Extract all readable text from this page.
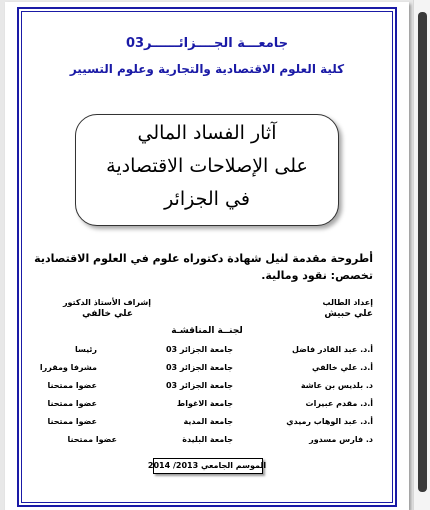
جامعـــة الجــــزائــــــر03
كلية العلوم الاقتصادية والتجارية وعلوم التسيير
آثار الفساد المالي
على الإصلاحات الاقتصادية
في الجزائر
أطروحة مقدمة لنيل شهادة دكتوراه علوم في العلوم الاقتصادية
تخصص: نقود ومالية.
إعداد الطالب
علي حبيش
إشراف الأستاذ الدكتور
علي خالفي
لجنــة المناقشـة
أ.د. عبد القادر فاضل
جامعة الجزائر 03
رئيسا
أ.د. علي خالفي
جامعة الجزائر 03
مشرفا ومقررا
د. بلديس بن عاشة
جامعة الجزائر 03
عضوا ممتحنا
أ.د. مقدم عبيرات
جامعة الاغواط
عضوا ممتحنا
أ.د. عبد الوهاب رميدي
جامعة المدية
عضوا ممتحنا
د. فارس مسدور
جامعة البليدة
عضوا ممتحنا
الموسم الجامعي 2013/ 2014
